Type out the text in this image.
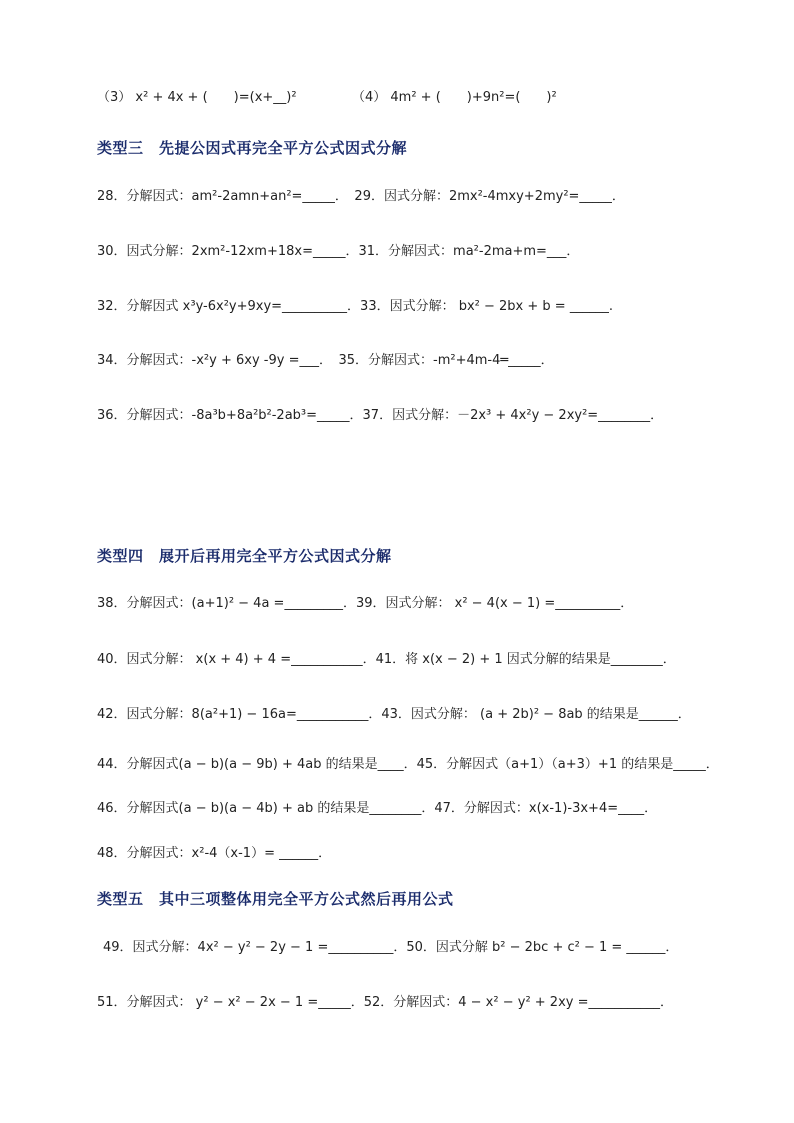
（3） x² + 4x + (　　)=(x+__)²	（4） 4m² + (　　)+9n²=(　　)²
类型三　先提公因式再完全平方公式因式分解
28．分解因式：am²-2amn+an²=_____．　29．因式分解：2mx²-4mxy+2my²=_____．
30．因式分解：2xm²-12xm+18x=_____．31．分解因式：ma²-2ma+m=___．
32．分解因式 x³y-6x²y+9xy=__________．33．因式分解： bx² − 2bx + b = ______.
34．分解因式：-x²y + 6xy -9y =___．　35．分解因式：-m²+4m-4═_____．
36．分解因式：-8a³b+8a²b²-2ab³=_____．37．因式分解：－2x³ + 4x²y − 2xy²=________．
类型四　展开后再用完全平方公式因式分解
38．分解因式：(a+1)² − 4a =_________．39．因式分解： x² − 4(x − 1) =__________．
40．因式分解： x(x + 4) + 4 =___________．41．将 x(x − 2) + 1 因式分解的结果是________．
42．因式分解：8(a²+1) − 16a=___________．43．因式分解： (a + 2b)² − 8ab 的结果是______．
44．分解因式(a − b)(a − 9b) + 4ab 的结果是____．45．分解因式（a+1）（a+3）+1 的结果是_____．
46．分解因式(a − b)(a − 4b) + ab 的结果是________．47．分解因式：x(x-1)-3x+4=____．
48．分解因式：x²-4（x-1）= ______．
类型五　其中三项整体用完全平方公式然后再用公式
49．因式分解：4x² − y² − 2y − 1 =__________．50．因式分解 b² − 2bc + c² − 1 = ______．
51．分解因式： y² − x² − 2x − 1 =_____．52．分解因式：4 − x² − y² + 2xy =___________．
